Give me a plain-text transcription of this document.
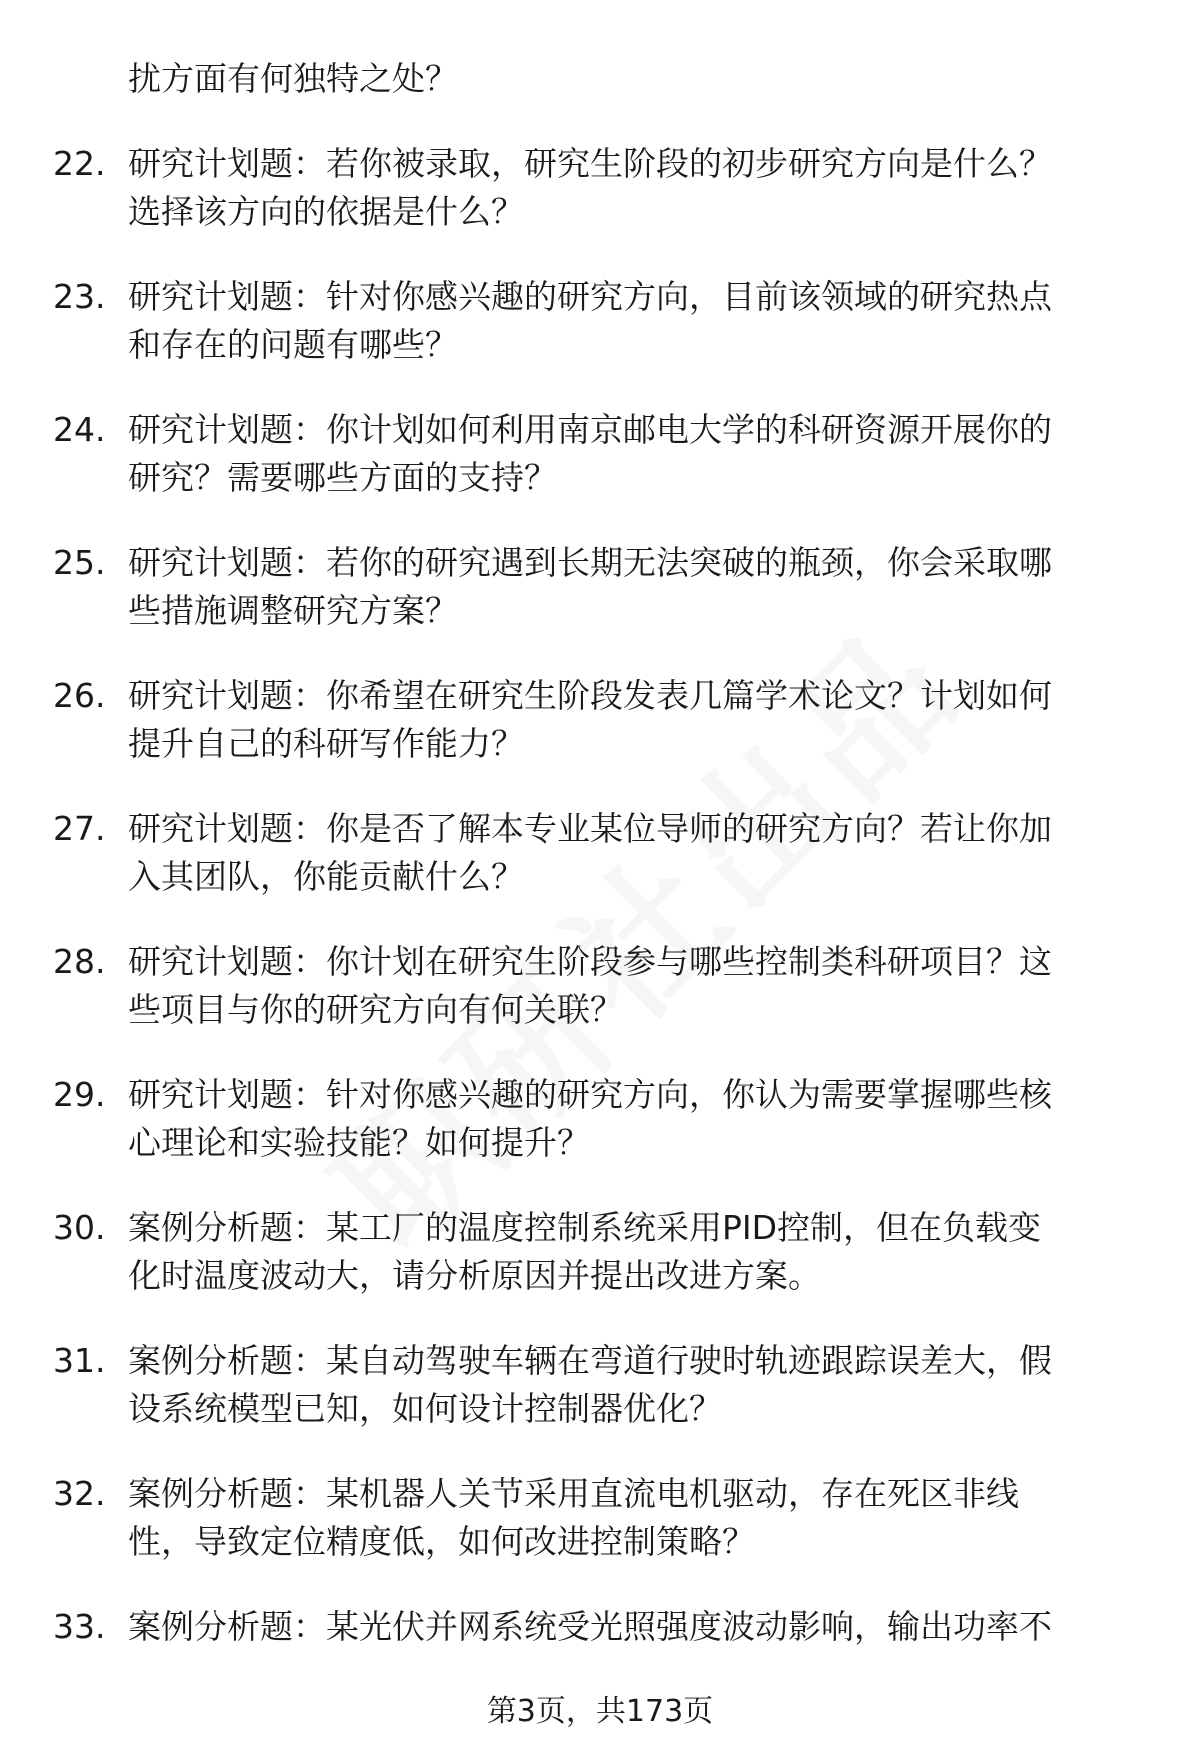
扰方面有何独特之处？
22. 研究计划题：若你被录取，研究生阶段的初步研究方向是什么？
选择该方向的依据是什么？
23. 研究计划题：针对你感兴趣的研究方向，目前该领域的研究热点
和存在的问题有哪些？
24. 研究计划题：你计划如何利用南京邮电大学的科研资源开展你的
研究？需要哪些方面的支持？
25. 研究计划题：若你的研究遇到长期无法突破的瓶颈，你会采取哪
些措施调整研究方案？
26. 研究计划题：你希望在研究生阶段发表几篇学术论文？计划如何
提升自己的科研写作能力？
27. 研究计划题：你是否了解本专业某位导师的研究方向？若让你加
入其团队，你能贡献什么？
28. 研究计划题：你计划在研究生阶段参与哪些控制类科研项目？这
些项目与你的研究方向有何关联？
29. 研究计划题：针对你感兴趣的研究方向，你认为需要掌握哪些核
心理论和实验技能？如何提升？
30. 案例分析题：某工厂的温度控制系统采用PID控制，但在负载变
化时温度波动大，请分析原因并提出改进方案。
31. 案例分析题：某自动驾驶车辆在弯道行驶时轨迹跟踪误差大，假
设系统模型已知，如何设计控制器优化？
32. 案例分析题：某机器人关节采用直流电机驱动，存在死区非线
性，导致定位精度低，如何改进控制策略？
33. 案例分析题：某光伏并网系统受光照强度波动影响，输出功率不
第3页，共173页
